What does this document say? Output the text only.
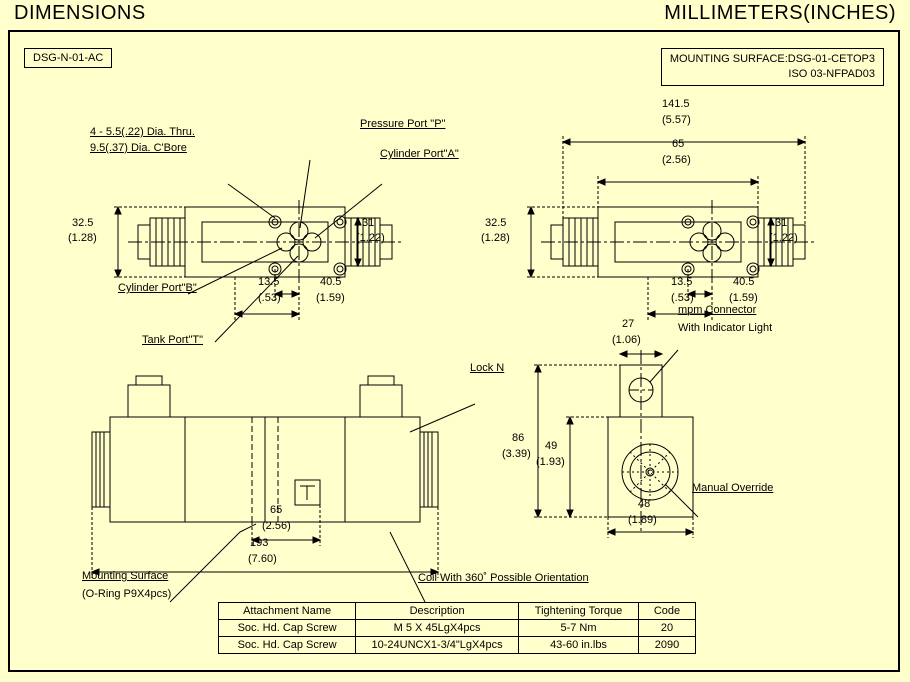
DIMENSIONS	MILLIMETERS(INCHES)
DSG-N-01-AC	MOUNTING SURFACE:DSG-01-CETOP3
ISO 03-NFPAD03
4 - 5.5(.22) Dia. Thru.
9.5(.37) Dia. C'Bore
Pressure Port "P"
Cylinder Port"A"
Cylinder Port"B"
Tank Port"T"
32.5
(1.28)
31
(1.22)
13.5
(.53)
40.5
(1.59)
141.5
(5.57)
65
(2.56)
32.5
(1.28)
31
(1.22)
13.5
(.53)
40.5
(1.59)
Lock N
Mounting Surface
(O-Ring P9X4pcs)
Coil With 360˚ Possible Orientation
65
(2.56)
193
(7.60)
mpm Connector
With Indicator Light
Manual Override
27
(1.06)
86
(3.39)
49
(1.93)
48
(1.89)
Attachment Name	Description	Tightening Torque	Code
Soc. Hd. Cap Screw	M 5 X 45LgX4pcs	5-7 Nm	20
Soc. Hd. Cap Screw	10-24UNCX1-3/4"LgX4pcs	43-60 in.lbs	2090
